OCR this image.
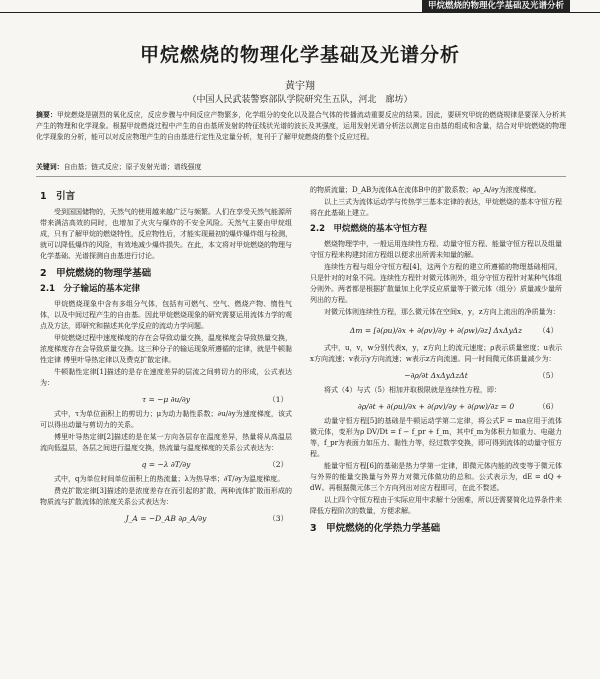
甲烷燃烧的物理化学基础及光谱分析
甲烷燃烧的物理化学基础及光谱分析
黄宇翔
（中国人民武装警察部队学院研究生五队，河北　廊坊）
摘要：甲烷燃烧是剧烈的氧化反应，反应步骤与中间反应产物繁多，化学组分的变化以及混合气体的传播流动重要反应的结果。因此，要研究甲烷的燃烧规律是要深入分析其产生的物理和化学现象。根据甲烷燃烧过程中产生的自由基所发射的特征线状光谱的波长及其强度，运用发射光谱分析法以测定自由基的组成和含量，结合对甲烷燃烧的物理化学现象的分析，能可以对反应物理产生的自由基进行定性及定量分析，复刊于了解甲烷燃烧的整个反应过程。
关键词：自由基；链式反应；原子发射光谱；谱线强度
1　引言

受到国国储物的，天然气的使用越来越广泛与频繁。人们在享受天然气能源所带来满洁高效的同时，也增加了火灾与爆炸的不安全风险。天然气主要由甲烷组成，只有了解甲烷的燃烧特性，反应物性后，才能实现最初的爆炸爆炸组与检测，就可以降低爆炸的风险，有效地减少爆炸损失。在此，本文将对甲烷燃烧的物理与化学基础、光谱探测自由基进行讨论。

2　甲烷燃烧的物理学基础
2.1　分子输运的基本定律

甲烷燃烧现象中含有多组分气体，包括有可燃气、空气、燃烧产物、惰性气体，以及中间过程产生的自由基。因此甲烷燃烧现象的研究需要运用流体力学的观点及方法，即研究和描述其化学反应的流动力学问题。

甲烷燃烧过程中速度梯度的存在会导致动量交换，温度梯度会导致热量交换，浓度梯度存在会导致质量交换。这三种分子的输运现象所遵循的定律，就是牛顿黏性定律 傅里叶导热定律以及费克扩散定律。

牛顿黏性定律[1]描述的是存在速度差异的层流之间剪切力的形成，公式表达为：

τ = −μ ∂u/∂y	（1）

式中，τ为单位面积上的剪切力；μ为动力黏性系数；∂u/∂y为速度梯度，该式可以得出动量与剪切力的关系。

傅里叶导热定律[2]描述的是在某一方向各层存在温度差异，热量将从高温层流向低温层，各层之间进行温度交换，热流量与温度梯度的关系公式表达为：

q = −λ ∂T/∂y	（2）

式中，q为单位时间单位面积上的热流量；λ为热导率；∂T/∂y为温度梯度。

费克扩散定律[3]描述的是浓度差存在而引起的扩散，两种流体扩散而形成的物质流与扩散流体的浓度关系公式表达为：

J_A = −D_AB ∂ρ_A/∂y	（3）

的物质流量；D_AB为流体A在流体B中的扩散系数；∂ρ_A/∂y为浓度梯度。

以上三式为流体运动学与传热学三基本定律的表达，甲烷燃烧的基本守恒方程将在此基础上建立。

2.2　甲烷燃烧的基本守恒方程

燃烧物理学中，一般运用连续性方程、动量守恒方程、能量守恒方程以及组量守恒方程来构建封闭方程组以便求出所需未知量的解。

连续性方程与组分守恒方程[4]，这两个方程的建立所遵循的物理基础相同，只是针对的对象不同。连续性方程针对微元体则外，组分守恒方程针对某种气体组分则外。两者都是根据扩散量加上化学反应质量等于微元体（组分）质量减少量所列出的方程。

对微元体则连续性方程，那么微元体在空间x，y，z方向上流出的净质量为：

Δm = [∂(ρu)/∂x + ∂(ρv)/∂y + ∂(ρw)/∂z] ΔxΔyΔz （4）

式中，u，v，w分别代表x，y，z方向上的流元速度；ρ表示质量密度；u表示x方向流速；v表示y方向流速；w表示z方向流速。同一时间微元体质量减少为：

−∂ρ/∂t ΔxΔyΔzΔt	（5）

将式（4）与式（5）相加并取极限就是连续性方程，即：

∂ρ/∂t + ∂(ρu)/∂x + ∂(ρv)/∂y + ∂(ρw)/∂z = 0	（6）

动量守恒方程[5]的基础是牛顿运动学第二定律，将公式F = ma应用于流体微元体，变形为ρ DV/Dt = f − f_pr + f_m，其中f_m为体积力如重力、电磁力等，f_pr为表面力如压力、黏性力等，经过数学变换，即可得到流体的动量守恒方程。

能量守恒方程[6]的基础是热力学第一定律，即微元体内能的改变等于微元体与外界的能量交换量与外界力对微元体做功的总和。公式表示为，dE = dQ + dW。再根据微元体三个方向列出对应方程即可，在此不赘述。

以上四个守恒方程由于实际应用中求解十分困难，所以还需要简化边界条件来降低方程阶次的数量，方便求解。

3　甲烷燃烧的化学热力学基础
